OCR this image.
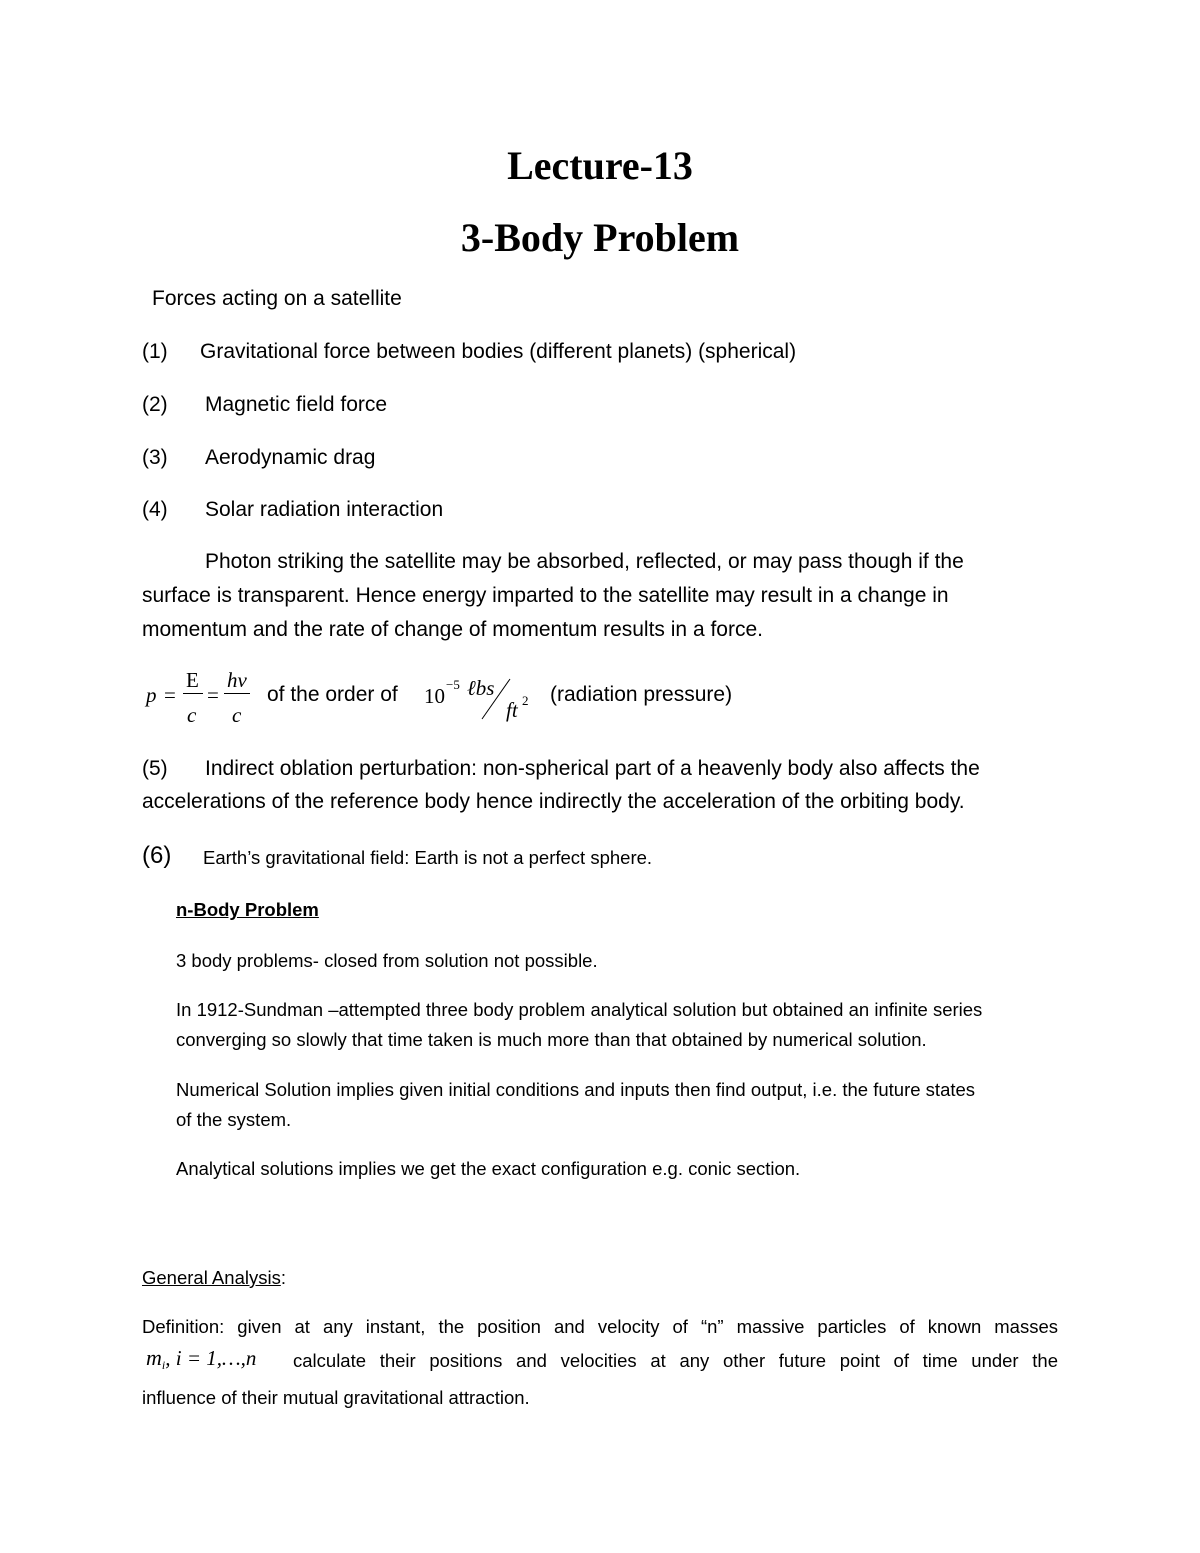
Lecture-13
3-Body Problem
Forces acting on a satellite
(1) Gravitational force between bodies (different planets) (spherical)
(2) Magnetic field force
(3) Aerodynamic drag
(4) Solar radiation interaction
Photon striking the satellite may be absorbed, reflected, or may pass though if the
surface is transparent. Hence energy imparted to the satellite may result in a change in
momentum and the rate of change of momentum results in a force.
p =
E
c
=
hv
c
of the order of 10 −5 ℓbs
ft 2 (radiation pressure)
(5) Indirect oblation perturbation: non-spherical part of a heavenly body also affects the
accelerations of the reference body hence indirectly the acceleration of the orbiting body.
(6) Earth’s gravitational field: Earth is not a perfect sphere.
n-Body Problem
3 body problems- closed from solution not possible.
In 1912-Sundman –attempted three body problem analytical solution but obtained an infinite series
converging so slowly that time taken is much more than that obtained by numerical solution.
Numerical Solution implies given initial conditions and inputs then find output, i.e. the future states
of the system.
Analytical solutions implies we get the exact configuration e.g. conic section.
General Analysis:
Definition: given at any instant, the position and velocity of “n” massive particles of known masses
$m_i$, i = 1,…,n calculate their positions and velocities at any other future point of time under the
influence of their mutual gravitational attraction.
